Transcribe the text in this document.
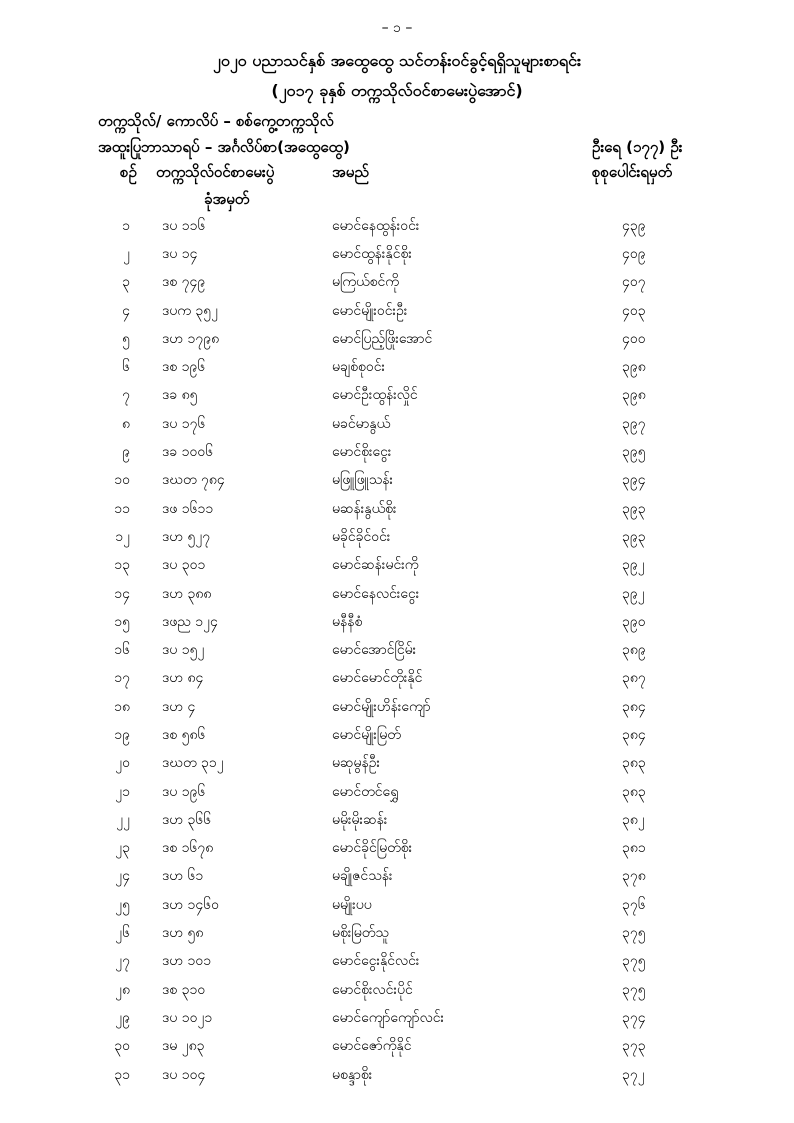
– ၁ –
၂၀၂၀ ပညာသင်နှစ် အထွေထွေ သင်တန်းဝင်ခွင့်ရရှိသူများစာရင်း
(၂၀၁၇ ခုနှစ် တက္ကသိုလ်ဝင်စာမေးပွဲအောင်)
တက္ကသိုလ်/ ကောလိပ် – စစ်ကွေ့တက္ကသိုလ်
အထူးပြုဘာသာရပ် – အင်္ဂလိပ်စာ(အထွေထွေ)	ဦးရေ (၁၇၇) ဦး
စဉ် တက္ကသိုလ်ဝင်စာမေးပွဲ
ခုံအမှတ်
အမည်	စုစုပေါင်းရမှတ်
၁	ဒပ ၁၁၆	မောင်နေထွန်းဝင်း	၄၃၉
၂	ဒပ ၁၄	မောင်ထွန်းနိုင်စိုး	၄၀၉
၃	ဒစ ၇၄၉	မကြယ်စင်ကို	၄၀၇
၄	ဒပက ၃၅၂	မောင်မျိုးဝင်းဦး	၄၀၃
၅	ဒဟ ၁၇၉၈	မောင်ပြည့်ဖြိုးအောင်	၄၀၀
၆	ဒစ ၁၉၆	မချစ်စုဝင်း	၃၉၈
၇	ဒခ ၈၅	မောင်ဦးထွန်းလှိုင်	၃၉၈
၈	ဒပ ၁၇၆	မခင်မာနွယ်	၃၉၇
၉	ဒခ ၁၀၀၆	မောင်စိုးငွေး	၃၉၅
၁၀	ဒဃတ ၇၈၄	မဖြူဖြူသန်း	၃၉၄
၁၁	ဒဖ ၁၆၁၁	မဆန်းနွယ်စိုး	၃၉၃
၁၂	ဒဟ ၅၂၇	မခိုင်ခိုင်ဝင်း	၃၉၃
၁၃	ဒပ ၃၀၁	မောင်ဆန်းမင်းကို	၃၉၂
၁၄	ဒဟ ၃၈၈	မောင်နေလင်းငွေး	၃၉၂
၁၅	ဒဖည ၁၂၄	မနီနီစံ	၃၉၀
၁၆	ဒပ ၁၅၂	မောင်အောင်ငြိမ်း	၃၈၉
၁၇	ဒဟ ၈၄	မောင်မောင်တိုးနိုင်	၃၈၇
၁၈	ဒဟ ၄	မောင်မျိုးဟိန်းကျော်	၃၈၄
၁၉	ဒစ ၅၈၆	မောင်မျိုးမြတ်	၃၈၄
၂၀	ဒဃတ ၃၁၂	မဆုမွန်ဦး	၃၈၃
၂၁	ဒပ ၁၉၆	မောင်တင်ရွှေ	၃၈၃
၂၂	ဒဟ ၃၆၆	မမိုးမိုးဆန်း	၃၈၂
၂၃	ဒစ ၁၆၇၈	မောင်ခိုင်မြတ်စိုး	၃၈၁
၂၄	ဒဟ ၆၁	မချိုဇင်သန်း	၃၇၈
၂၅	ဒဟ ၁၄၆၀	မမျိုးပပ	၃၇၆
၂၆	ဒဟ ၅၈	မစိုးမြတ်သူ	၃၇၅
၂၇	ဒဟ ၁၀၁	မောင်ငွေးနိုင်လင်း	၃၇၅
၂၈	ဒစ ၃၁၀	မောင်စိုးလင်းပိုင်	၃၇၅
၂၉	ဒပ ၁၀၂၁	မောင်ကျော်ကျော်လင်း	၃၇၄
၃၀	ဒမ ၂၈၃	မောင်ဇော်ကိုနိုင်	၃၇၃
၃၁	ဒပ ၁၀၄	မစန္ဒာစိုး	၃၇၂
